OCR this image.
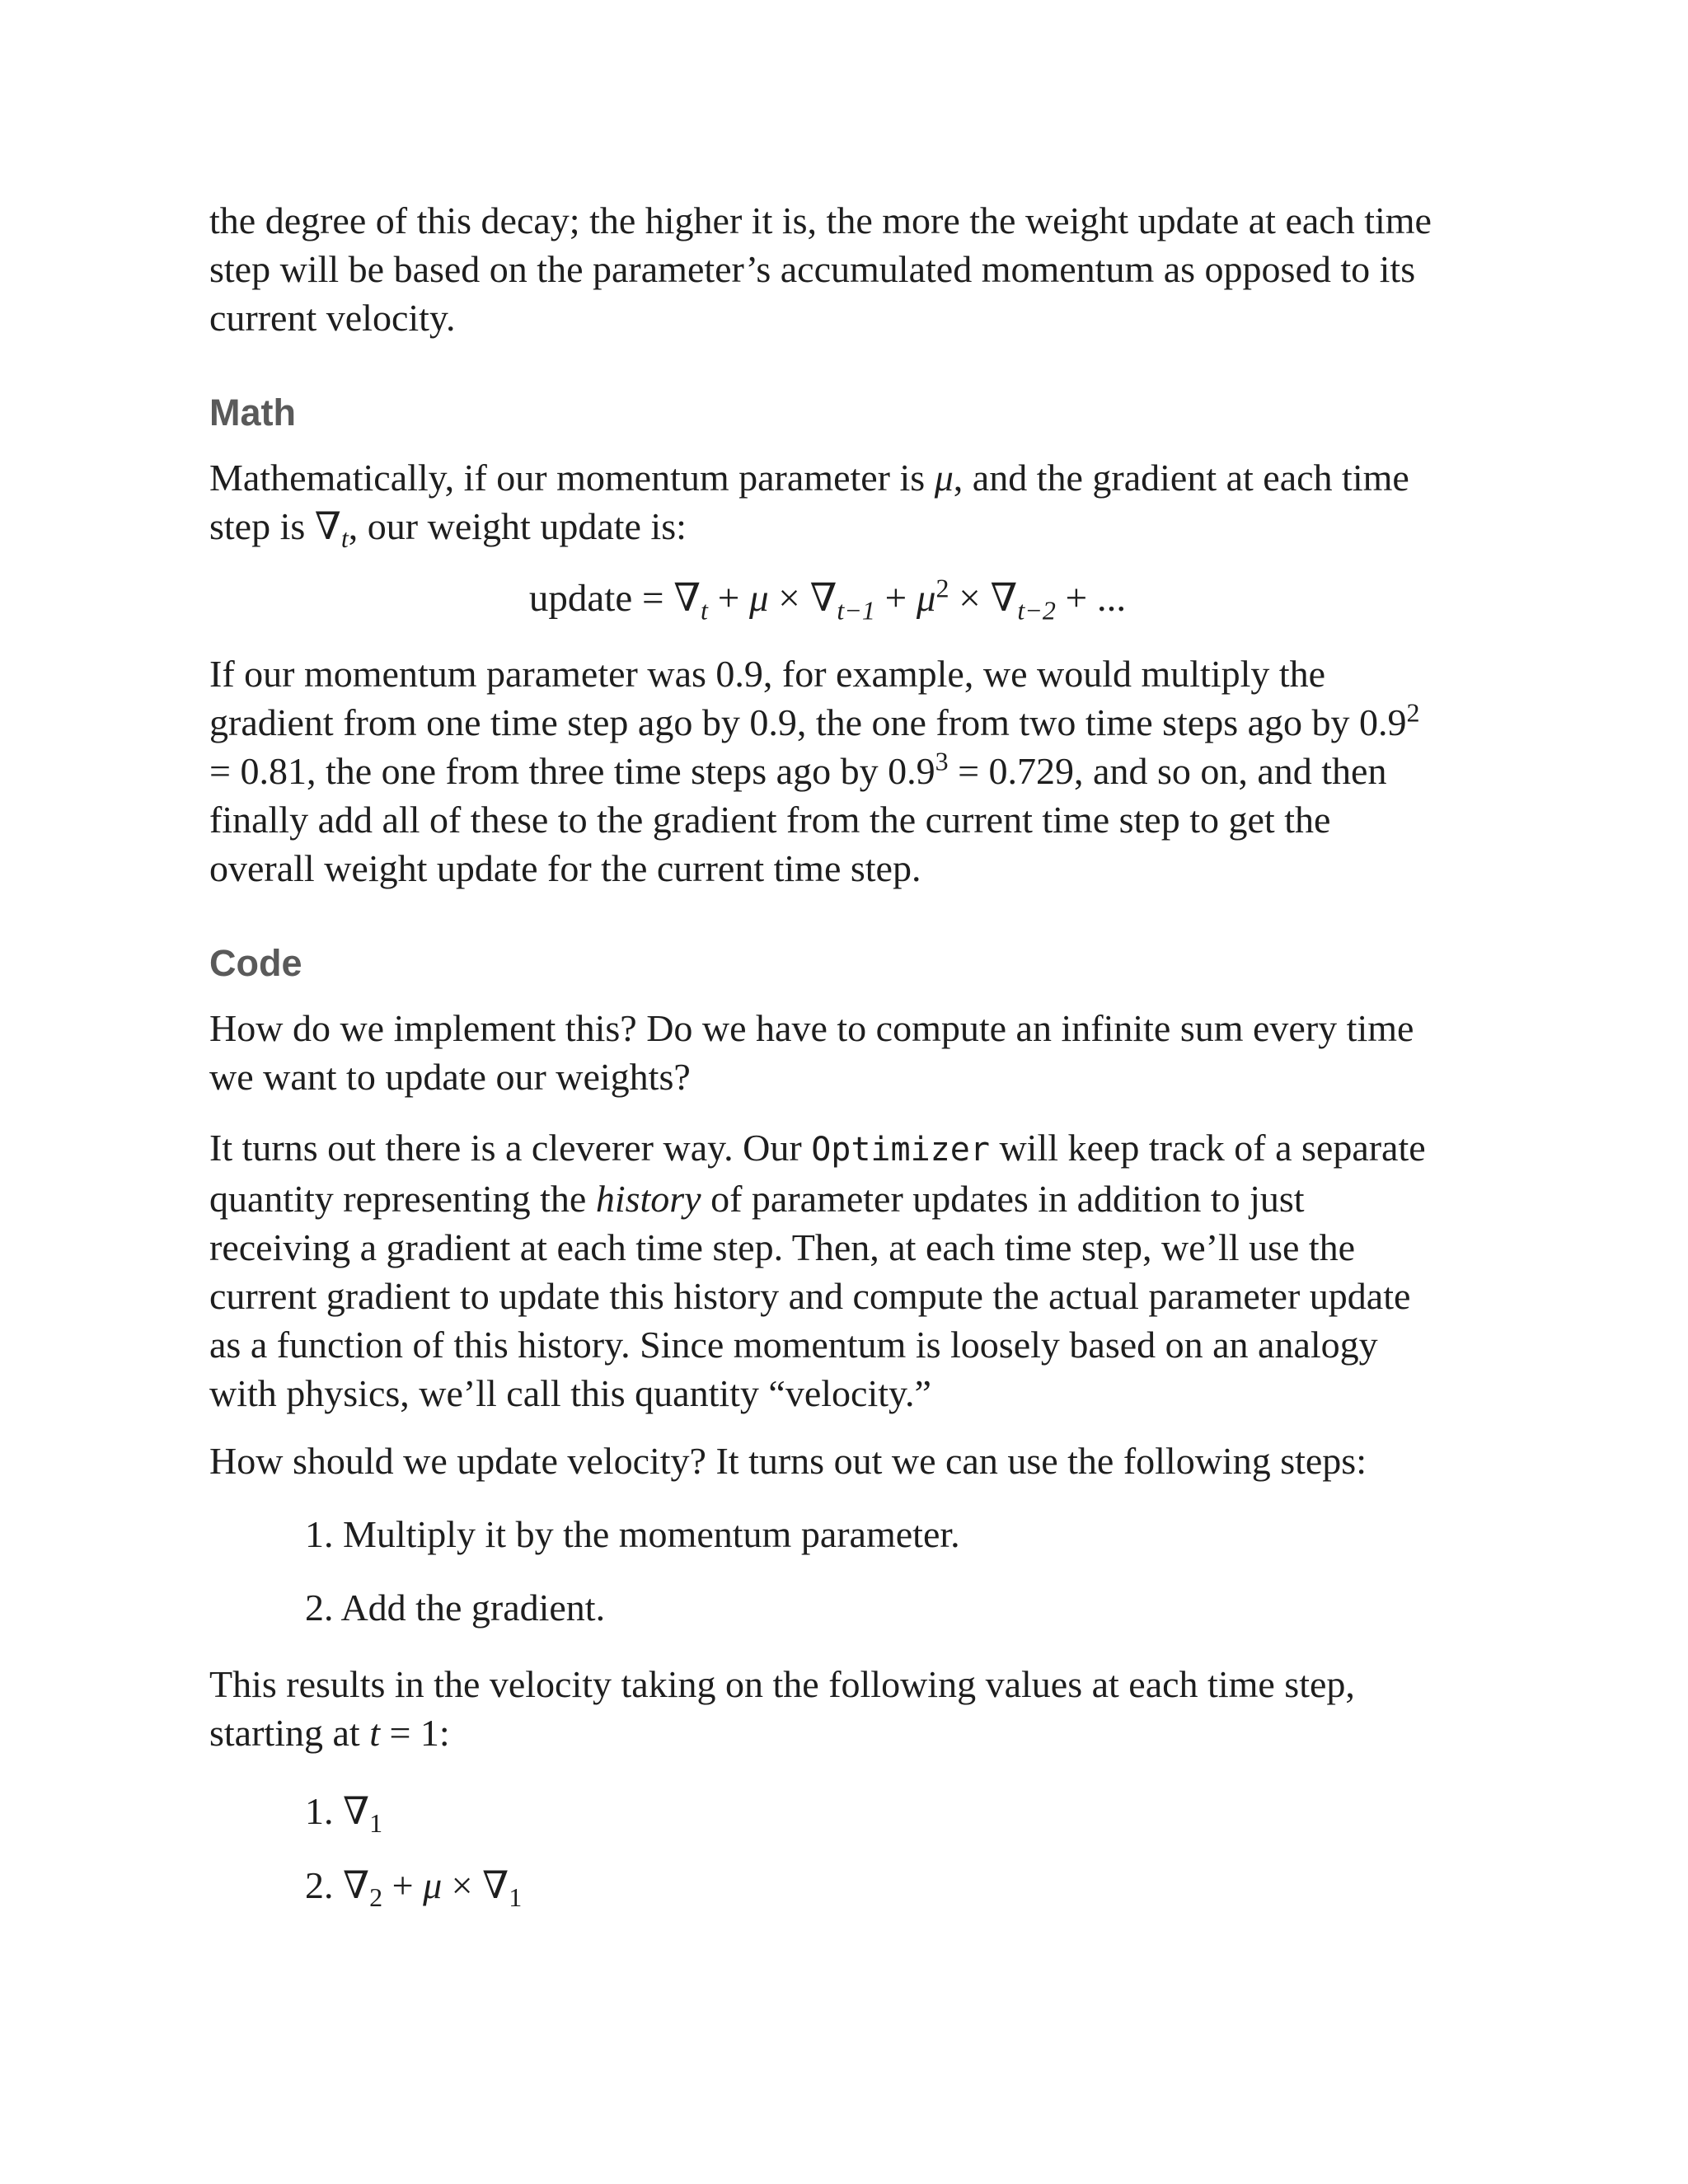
the degree of this decay; the higher it is, the more the weight update at each time
step will be based on the parameter’s accumulated momentum as opposed to its
current velocity.

Math

Mathematically, if our momentum parameter is μ, and the gradient at each time
step is $\nabla_t$, our weight update is:

update = $\nabla_t + \mu \times \nabla_{t-1} + \mu^2 \times \nabla_{t-2}$ + ...

If our momentum parameter was 0.9, for example, we would multiply the
gradient from one time step ago by 0.9, the one from two time steps ago by $0.9^2$
= 0.81, the one from three time steps ago by $0.9^3 = 0.729$, and so on, and then
finally add all of these to the gradient from the current time step to get the
overall weight update for the current time step.

Code

How do we implement this? Do we have to compute an infinite sum every time
we want to update our weights?

It turns out there is a cleverer way. Our Optimizer will keep track of a separate
quantity representing the history of parameter updates in addition to just
receiving a gradient at each time step. Then, at each time step, we’ll use the
current gradient to update this history and compute the actual parameter update
as a function of this history. Since momentum is loosely based on an analogy
with physics, we’ll call this quantity “velocity.”

How should we update velocity? It turns out we can use the following steps:

1. Multiply it by the momentum parameter.

2. Add the gradient.

This results in the velocity taking on the following values at each time step,
starting at t = 1:

1. $\nabla_1$

2. $\nabla_2 + \mu \times \nabla_1$
